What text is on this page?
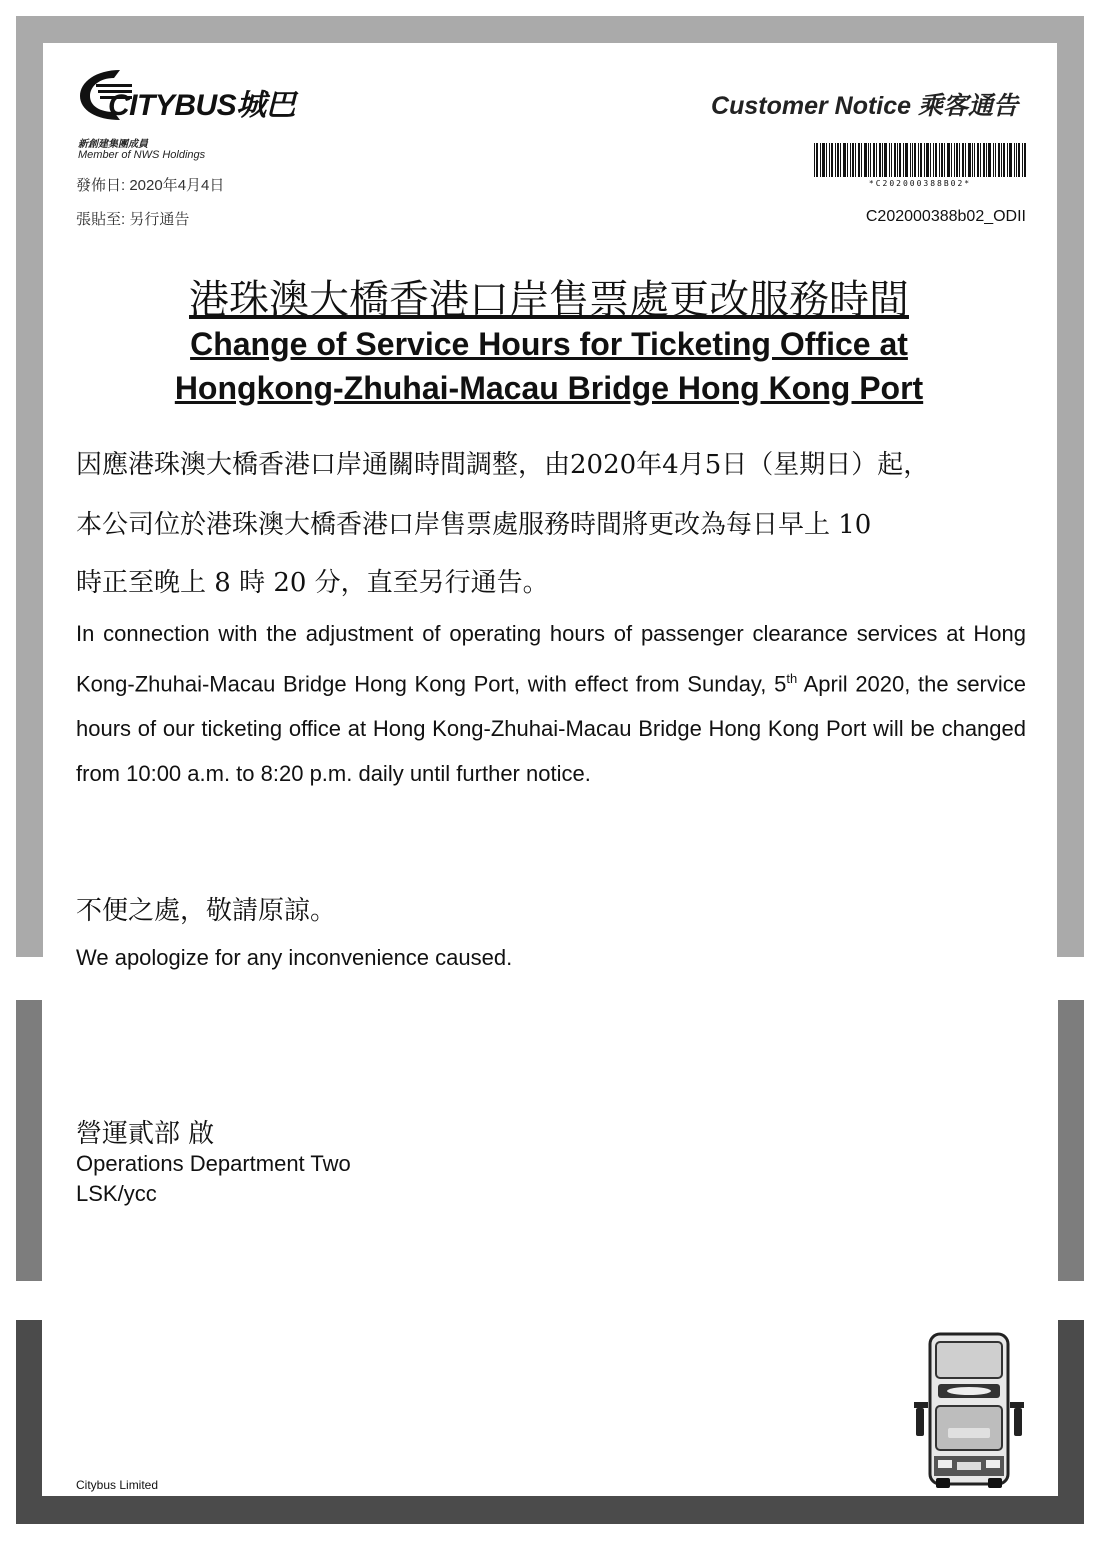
CITYBUS城巴
新創建集團成員
Member of NWS Holdings
發佈日: 2020年4月4日
張貼至: 另行通告
Customer Notice 乘客通告
*C202000388B02*
C202000388b02_ODII
港珠澳大橋香港口岸售票處更改服務時間
Change of Service Hours for Ticketing Office at
Hongkong-Zhuhai-Macau Bridge Hong Kong Port
因應港珠澳大橋香港口岸通關時間調整，由2020年4月5日（星期日）起，
本公司位於港珠澳大橋香港口岸售票處服務時間將更改為每日早上 10
時正至晚上 8 時 20 分，直至另行通告。
In connection with the adjustment of operating hours of passenger clearance services at Hong Kong-Zhuhai-Macau Bridge Hong Kong Port, with effect from Sunday, 5th April 2020, the service hours of our ticketing office at Hong Kong-Zhuhai-Macau Bridge Hong Kong Port will be changed from 10:00 a.m. to 8:20 p.m. daily until further notice.
不便之處，敬請原諒。
We apologize for any inconvenience caused.
營運貳部 啟
Operations Department Two
LSK/ycc
Citybus Limited
